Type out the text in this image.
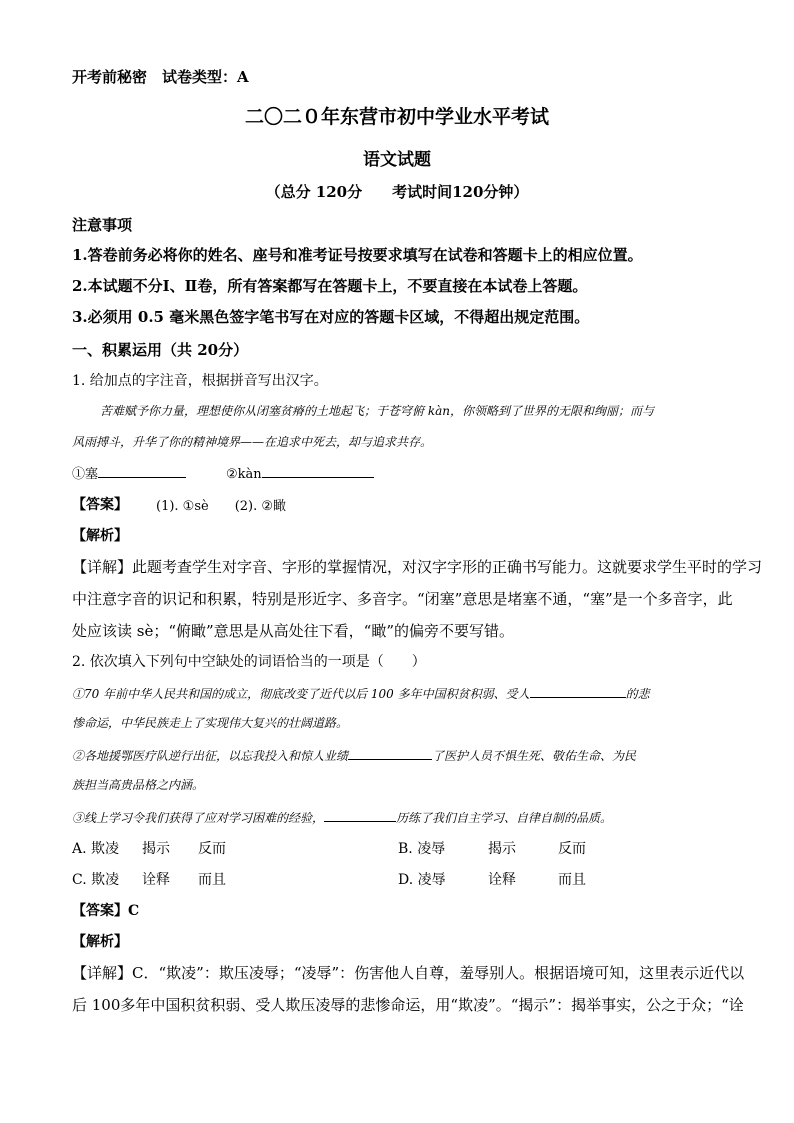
开考前秘密　试卷类型：A
二〇二０年东营市初中学业水平考试
语文试题
（总分 120分　　考试时间120分钟）
注意事项
1.答卷前务必将你的姓名、座号和准考证号按要求填写在试卷和答题卡上的相应位置。
2.本试题不分Ⅰ、Ⅱ卷，所有答案都写在答题卡上，不要直接在本试卷上答题。
3.必须用 0.5 毫米黑色签字笔书写在对应的答题卡区域，不得超出规定范围。
一、积累运用（共 20分）
1. 给加点的字注音，根据拼音写出汉字。
苦难赋予你力量，理想使你从闭塞贫瘠的土地起飞；于苍穹俯 kàn，你领略到了世界的无限和绚丽；而与
风雨搏斗，升华了你的精神境界——在追求中死去，却与追求共存。
①塞	②kàn
【答案】 (1). ①sè　　(2). ②瞰
【解析】
【详解】此题考查学生对字音、字形的掌握情况，对汉字字形的正确书写能力。这就要求学生平时的学习
中注意字音的识记和积累，特别是形近字、多音字。“闭塞”意思是堵塞不通，“塞”是一个多音字，此
处应该读 sè；“俯瞰”意思是从高处往下看，“瞰”的偏旁不要写错。
2. 依次填入下列句中空缺处的词语恰当的一项是（　　）
①70 年前中华人民共和国的成立，彻底改变了近代以后 100 多年中国积贫积弱、受人	的悲
惨命运，中华民族走上了实现伟大复兴的壮阔道路。
②各地援鄂医疗队逆行出征，以忘我投入和惊人业绩	了医护人员不惧生死、敬佑生命、为民
族担当高贵品格之内涵。
③线上学习令我们获得了应对学习困难的经验，	历练了我们自主学习、自律自制的品质。
A. 欺凌 揭示 反而	B. 凌辱	揭示	反而
C. 欺凌 诠释 而且	D. 凌辱	诠释	而且
【答案】C
【解析】
【详解】C．“欺凌”：欺压凌辱；“凌辱”：伤害他人自尊，羞辱别人。根据语境可知，这里表示近代以
后 100多年中国积贫积弱、受人欺压凌辱的悲惨命运，用“欺凌”。“揭示”：揭举事实，公之于众；“诠
